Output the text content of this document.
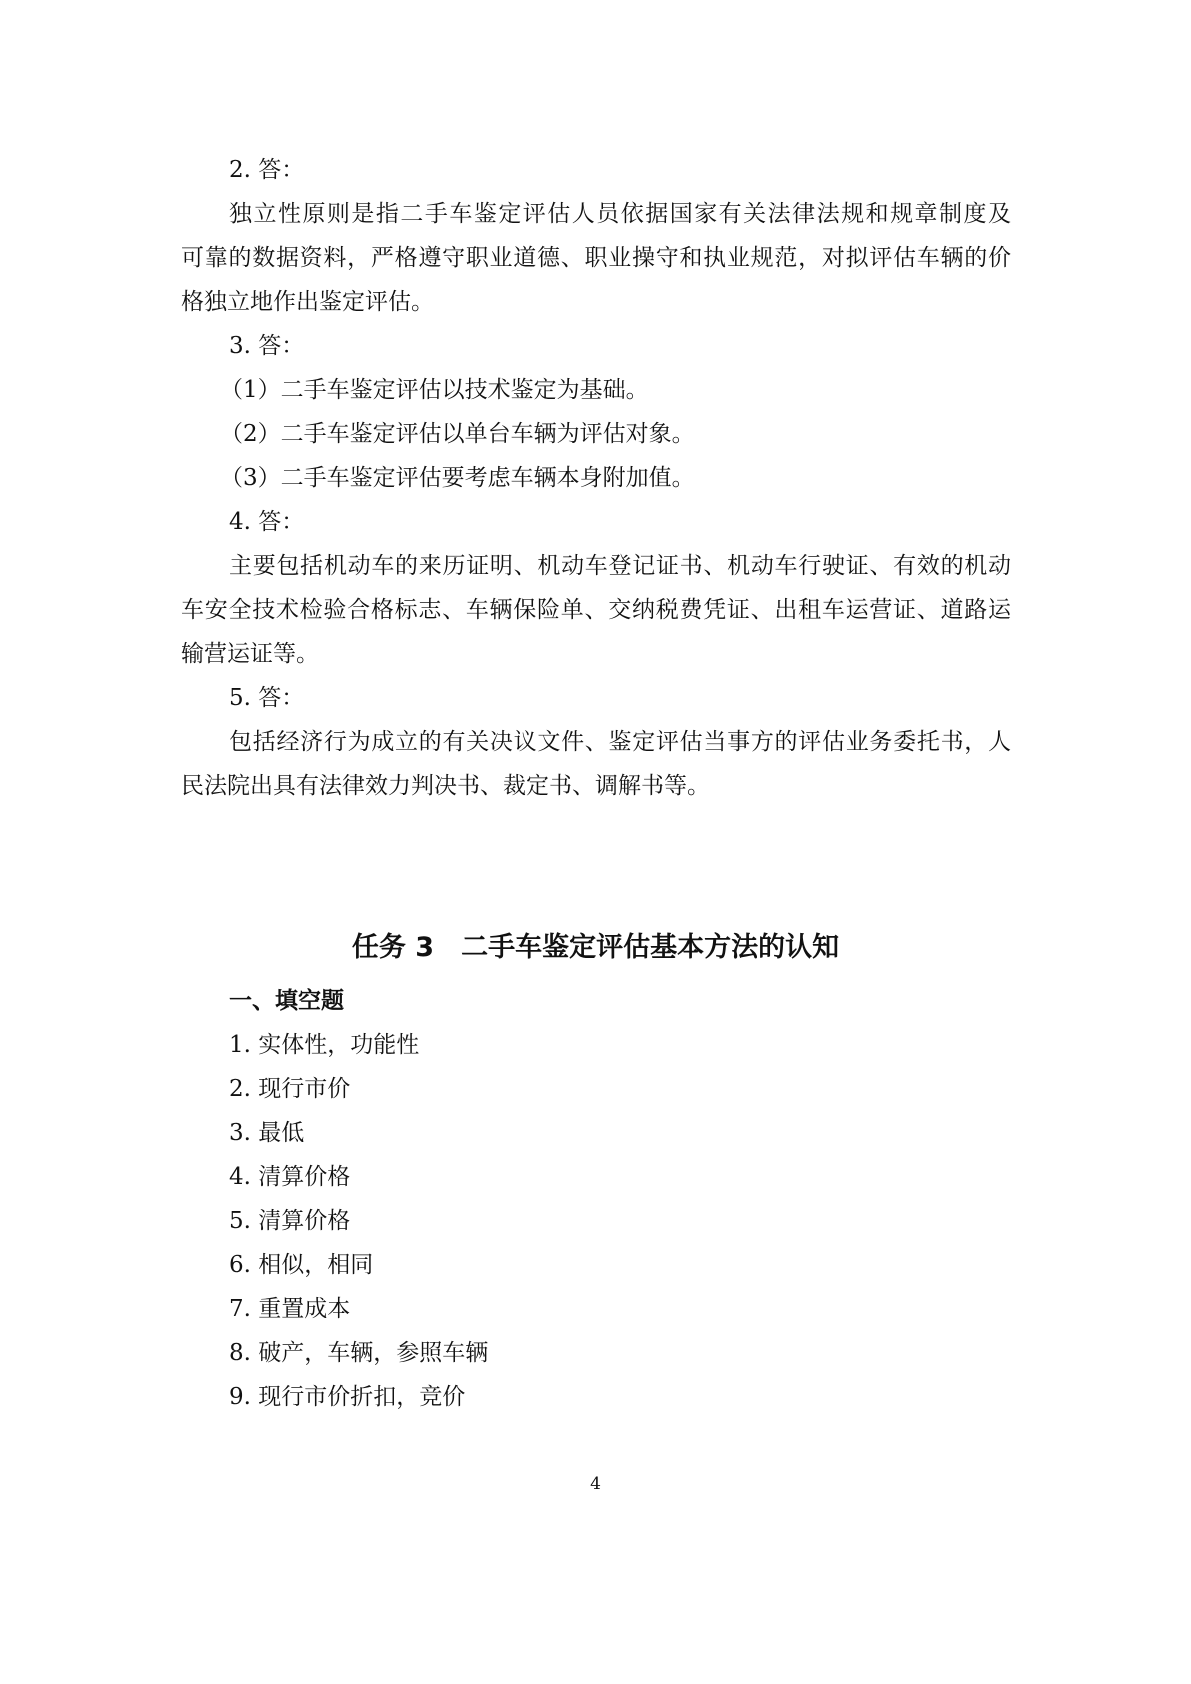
2. 答：
独立性原则是指二手车鉴定评估人员依据国家有关法律法规和规章制度及
可靠的数据资料，严格遵守职业道德、职业操守和执业规范，对拟评估车辆的价
格独立地作出鉴定评估。
3. 答：
（1）二手车鉴定评估以技术鉴定为基础。
（2）二手车鉴定评估以单台车辆为评估对象。
（3）二手车鉴定评估要考虑车辆本身附加值。
4. 答：
主要包括机动车的来历证明、机动车登记证书、机动车行驶证、有效的机动
车安全技术检验合格标志、车辆保险单、交纳税费凭证、出租车运营证、道路运
输营运证等。
5. 答：
包括经济行为成立的有关决议文件、鉴定评估当事方的评估业务委托书，人
民法院出具有法律效力判决书、裁定书、调解书等。
任务 3　二手车鉴定评估基本方法的认知
一、填空题
1. 实体性，功能性
2. 现行市价
3. 最低
4. 清算价格
5. 清算价格
6. 相似，相同
7. 重置成本
8. 破产，车辆，参照车辆
9. 现行市价折扣，竞价
4
